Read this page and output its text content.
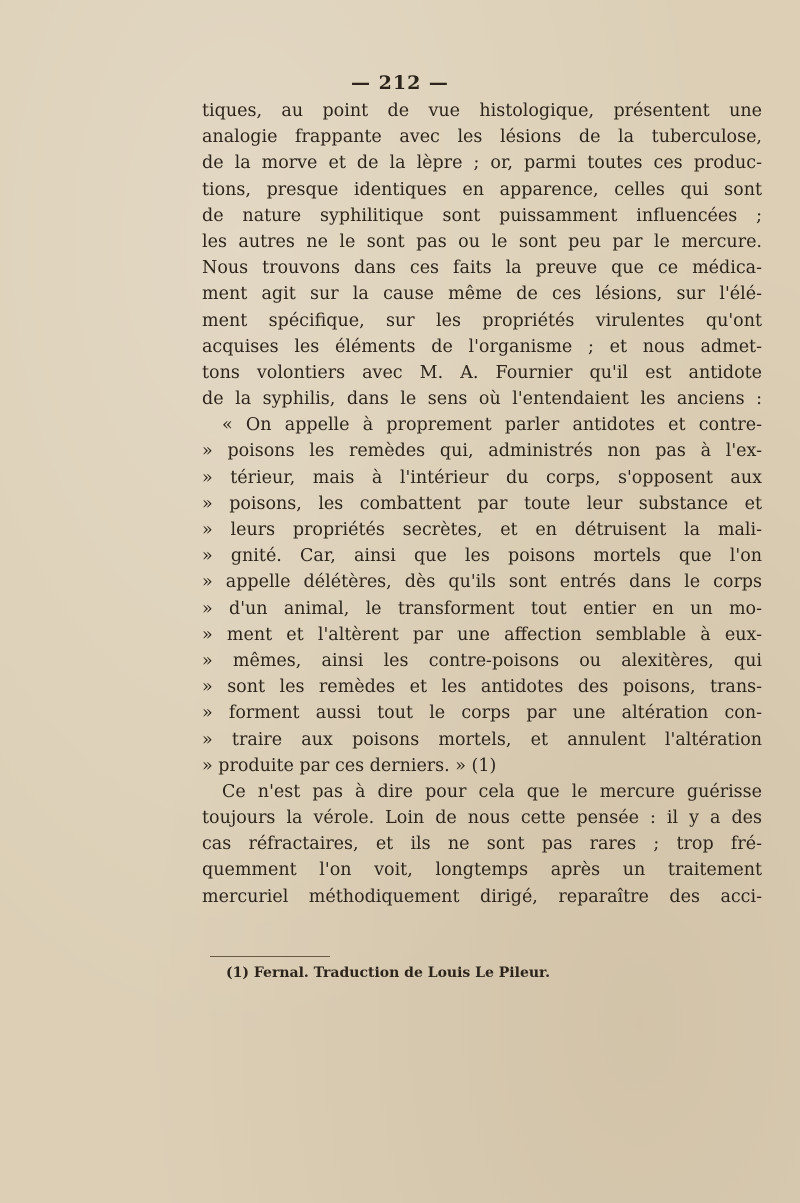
— 212 —
tiques, au point de vue histologique, présentent une
analogie frappante avec les lésions de la tuberculose,
de la morve et de la lèpre ; or, parmi toutes ces produc-
tions, presque identiques en apparence, celles qui sont
de nature syphilitique sont puissamment influencées ;
les autres ne le sont pas ou le sont peu par le mercure.
Nous trouvons dans ces faits la preuve que ce médica-
ment agit sur la cause même de ces lésions, sur l'élé-
ment spécifique, sur les propriétés virulentes qu'ont
acquises les éléments de l'organisme ; et nous admet-
tons volontiers avec M. A. Fournier qu'il est antidote
de la syphilis, dans le sens où l'entendaient les anciens :
« On appelle à proprement parler antidotes et contre-
» poisons les remèdes qui, administrés non pas à l'ex-
» térieur, mais à l'intérieur du corps, s'opposent aux
» poisons, les combattent par toute leur substance et
» leurs propriétés secrètes, et en détruisent la mali-
» gnité. Car, ainsi que les poisons mortels que l'on
» appelle délétères, dès qu'ils sont entrés dans le corps
» d'un animal, le transforment tout entier en un mo-
» ment et l'altèrent par une affection semblable à eux-
» mêmes, ainsi les contre-poisons ou alexitères, qui
» sont les remèdes et les antidotes des poisons, trans-
» forment aussi tout le corps par une altération con-
» traire aux poisons mortels, et annulent l'altération
» produite par ces derniers. » (1)
Ce n'est pas à dire pour cela que le mercure guérisse
toujours la vérole. Loin de nous cette pensée : il y a des
cas réfractaires, et ils ne sont pas rares ; trop fré-
quemment l'on voit, longtemps après un traitement
mercuriel méthodiquement dirigé, reparaître des acci-
(1) Fernal. Traduction de Louis Le Pileur.
